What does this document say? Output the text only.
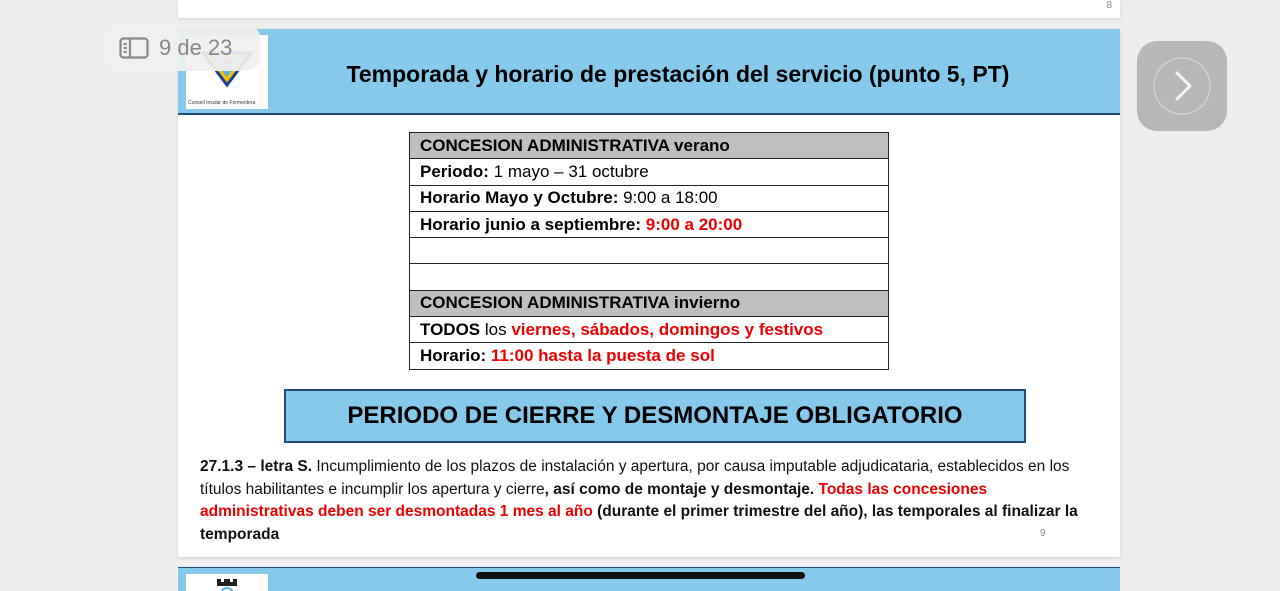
8
Consell Insular de Formentera
Temporada y horario de prestación del servicio (punto 5, PT)
CONCESION ADMINISTRATIVA verano
Periodo: 1 mayo – 31 octubre
Horario Mayo y Octubre: 9:00 a 18:00
Horario junio a septiembre: 9:00 a 20:00

CONCESION ADMINISTRATIVA invierno
TODOS los viernes, sábados, domingos y festivos
Horario: 11:00 hasta la puesta de sol
PERIODO DE CIERRE Y DESMONTAJE OBLIGATORIO

27.1.3 – letra S. Incumplimiento de los plazos de instalación y apertura, por causa imputable adjudicataria, establecidos en los títulos habilitantes e incumplir los apertura y cierre, así como de montaje y desmontaje. Todas las concesiones administrativas deben ser desmontadas 1 mes al año (durante el primer trimestre del año), las temporales al finalizar la temporada	9
9 de 23
